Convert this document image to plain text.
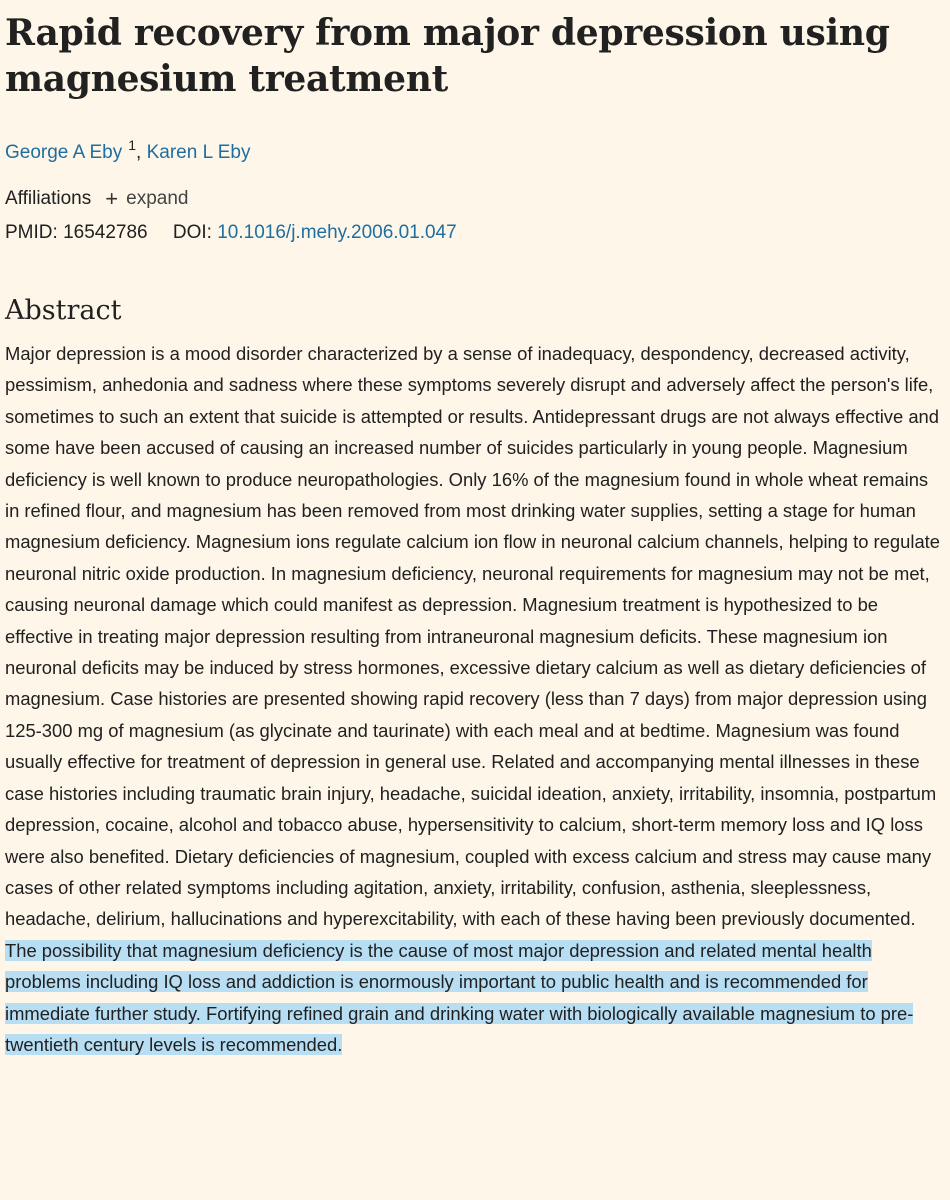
Rapid recovery from major depression using magnesium treatment
George A Eby $^1$, Karen L Eby
Affiliations + expand
PMID: 16542786 DOI: 10.1016/j.mehy.2006.01.047
Abstract
Major depression is a mood disorder characterized by a sense of inadequacy, despondency, decreased activity, pessimism, anhedonia and sadness where these symptoms severely disrupt and adversely affect the person's life, sometimes to such an extent that suicide is attempted or results. Antidepressant drugs are not always effective and some have been accused of causing an increased number of suicides particularly in young people. Magnesium deficiency is well known to produce neuropathologies. Only 16% of the magnesium found in whole wheat remains in refined flour, and magnesium has been removed from most drinking water supplies, setting a stage for human magnesium deficiency. Magnesium ions regulate calcium ion flow in neuronal calcium channels, helping to regulate neuronal nitric oxide production. In magnesium deficiency, neuronal requirements for magnesium may not be met, causing neuronal damage which could manifest as depression. Magnesium treatment is hypothesized to be effective in treating major depression resulting from intraneuronal magnesium deficits. These magnesium ion neuronal deficits may be induced by stress hormones, excessive dietary calcium as well as dietary deficiencies of magnesium. Case histories are presented showing rapid recovery (less than 7 days) from major depression using 125-300 mg of magnesium (as glycinate and taurinate) with each meal and at bedtime. Magnesium was found usually effective for treatment of depression in general use. Related and accompanying mental illnesses in these case histories including traumatic brain injury, headache, suicidal ideation, anxiety, irritability, insomnia, postpartum depression, cocaine, alcohol and tobacco abuse, hypersensitivity to calcium, short-term memory loss and IQ loss were also benefited. Dietary deficiencies of magnesium, coupled with excess calcium and stress may cause many cases of other related symptoms including agitation, anxiety, irritability, confusion, asthenia, sleeplessness, headache, delirium, hallucinations and hyperexcitability, with each of these having been previously documented. The possibility that magnesium deficiency is the cause of most major depression and related mental health problems including IQ loss and addiction is enormously important to public health and is recommended for immediate further study. Fortifying refined grain and drinking water with biologically available magnesium to pre-twentieth century levels is recommended.
